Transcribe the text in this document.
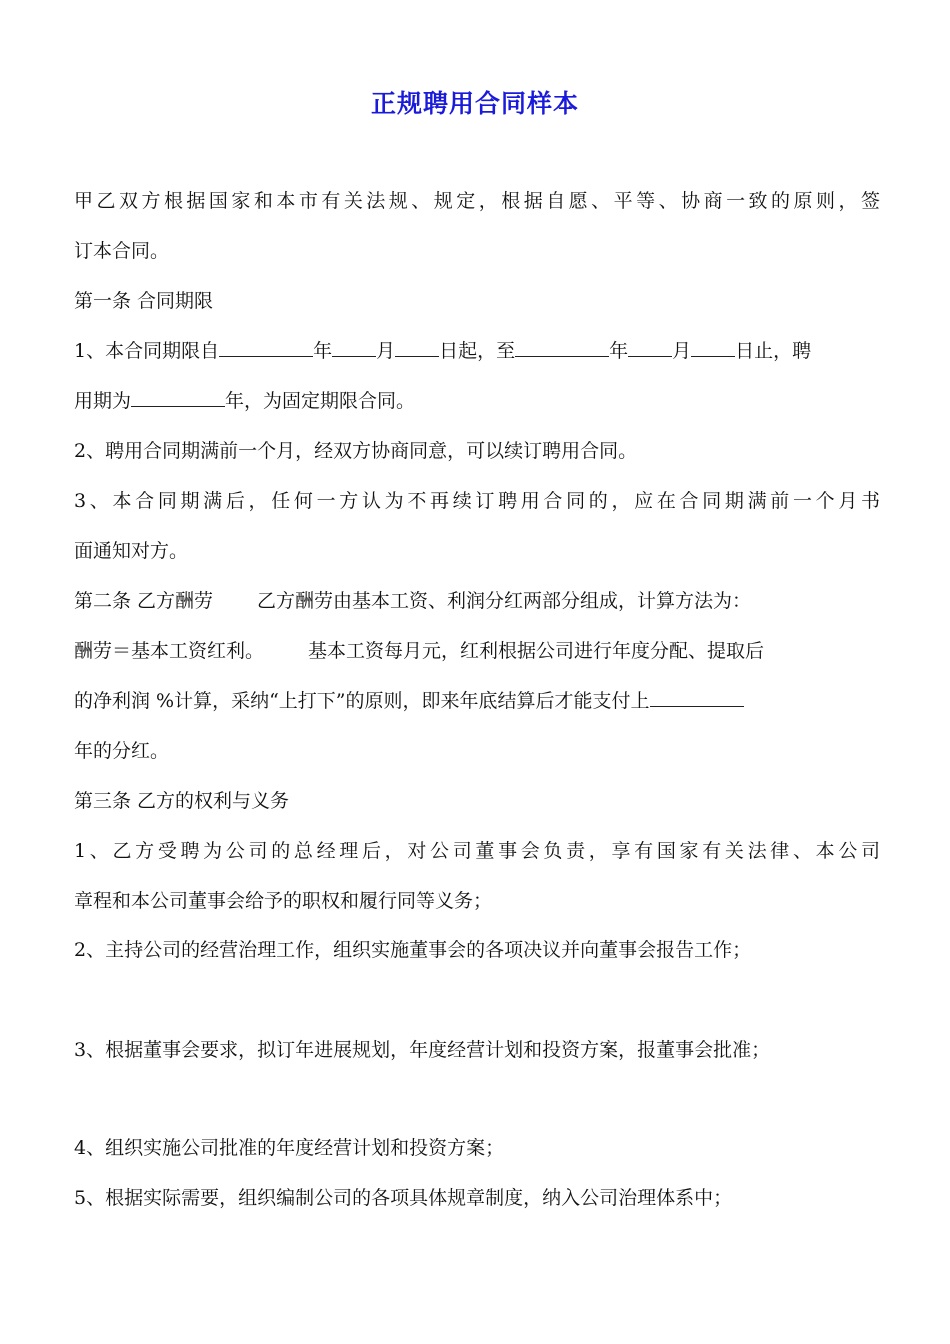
正规聘用合同样本
甲乙双方根据国家和本市有关法规、规定，根据自愿、平等、协商一致的原则，签
订本合同。
第一条 合同期限
1、本合同期限自	年 月 日起，至	年 月 日止，聘
用期为	年，为固定期限合同。
2、聘用合同期满前一个月，经双方协商同意，可以续订聘用合同。
3、本合同期满后，任何一方认为不再续订聘用合同的，应在合同期满前一个月书
面通知对方。
第二条 乙方酬劳 乙方酬劳由基本工资、利润分红两部分组成，计算方法为：
酬劳＝基本工资红利。 基本工资每月元，红利根据公司进行年度分配、提取后
的净利润 %计算，采纳“上打下”的原则，即来年底结算后才能支付上
年的分红。
第三条 乙方的权利与义务
1、乙方受聘为公司的总经理后，对公司董事会负责，享有国家有关法律、本公司
章程和本公司董事会给予的职权和履行同等义务；
2、主持公司的经营治理工作，组织实施董事会的各项决议并向董事会报告工作；
3、根据董事会要求，拟订年进展规划，年度经营计划和投资方案，报董事会批准；
4、组织实施公司批准的年度经营计划和投资方案；
5、根据实际需要，组织编制公司的各项具体规章制度，纳入公司治理体系中；
